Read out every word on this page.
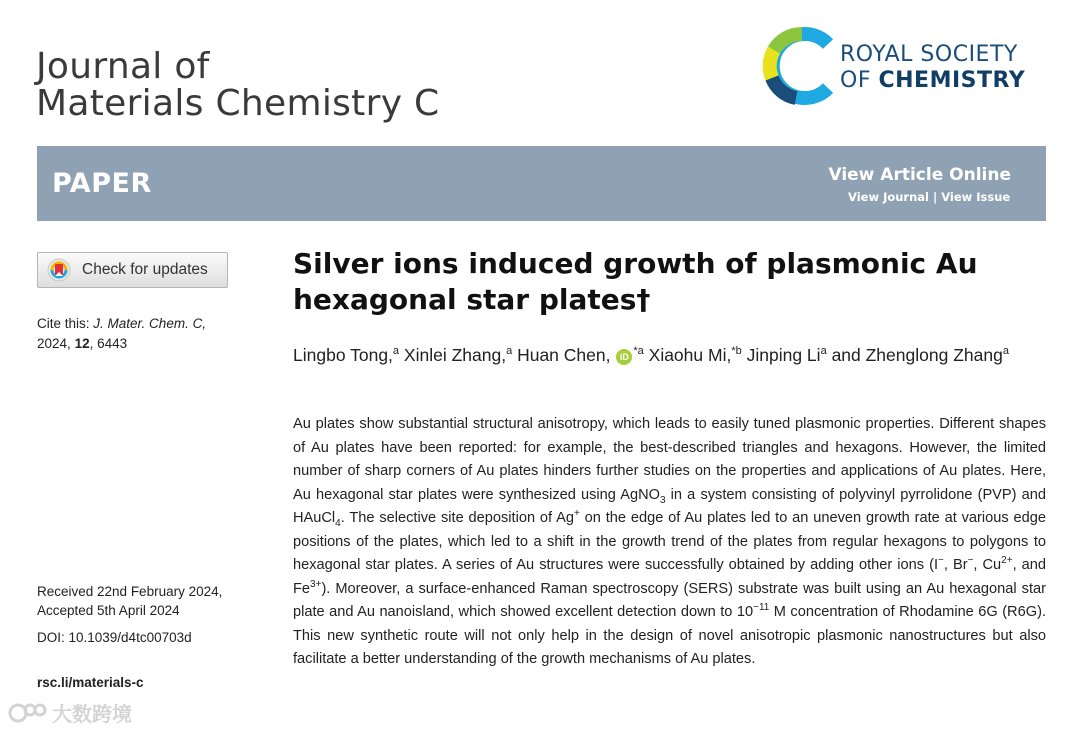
Journal of
Materials Chemistry C
ROYAL SOCIETY
OF CHEMISTRY
PAPER	View Article Online
View Journal | View Issue
Check for updates
Cite this: J. Mater. Chem. C,
2024, 12, 6443
Received 22nd February 2024,
Accepted 5th April 2024
DOI: 10.1039/d4tc00703d
rsc.li/materials-c
Silver ions induced growth of plasmonic Au hexagonal star plates†
Lingbo Tong,$^a$ Xinlei Zhang,$^a$ Huan Chen, iD $^{*a}$ Xiaohu Mi,$^{*b}$ Jinping Li$^a$ and Zhenglong Zhang$^a$
Au plates show substantial structural anisotropy, which leads to easily tuned plasmonic properties. Different shapes of Au plates have been reported: for example, the best-described triangles and hexagons. However, the limited number of sharp corners of Au plates hinders further studies on the properties and applications of Au plates. Here, Au hexagonal star plates were synthesized using AgNO$_3$ in a system consisting of polyvinyl pyrrolidone (PVP) and HAuCl$_4$. The selective site deposition of Ag+ on the edge of Au plates led to an uneven growth rate at various edge positions of the plates, which led to a shift in the growth trend of the plates from regular hexagons to polygons to hexagonal star plates. A series of Au structures were successfully obtained by adding other ions (I−, Br−, $Cu^{2+}$, and $Fe^{3+}$). Moreover, a surface-enhanced Raman spectroscopy (SERS) substrate was built using an Au hexagonal star plate and Au nanoisland, which showed excellent detection down to $10^{-11}$ M concentration of Rhodamine 6G (R6G). This new synthetic route will not only help in the design of novel anisotropic plasmonic nanostructures but also facilitate a better understanding of the growth mechanisms of Au plates.
大数跨境
